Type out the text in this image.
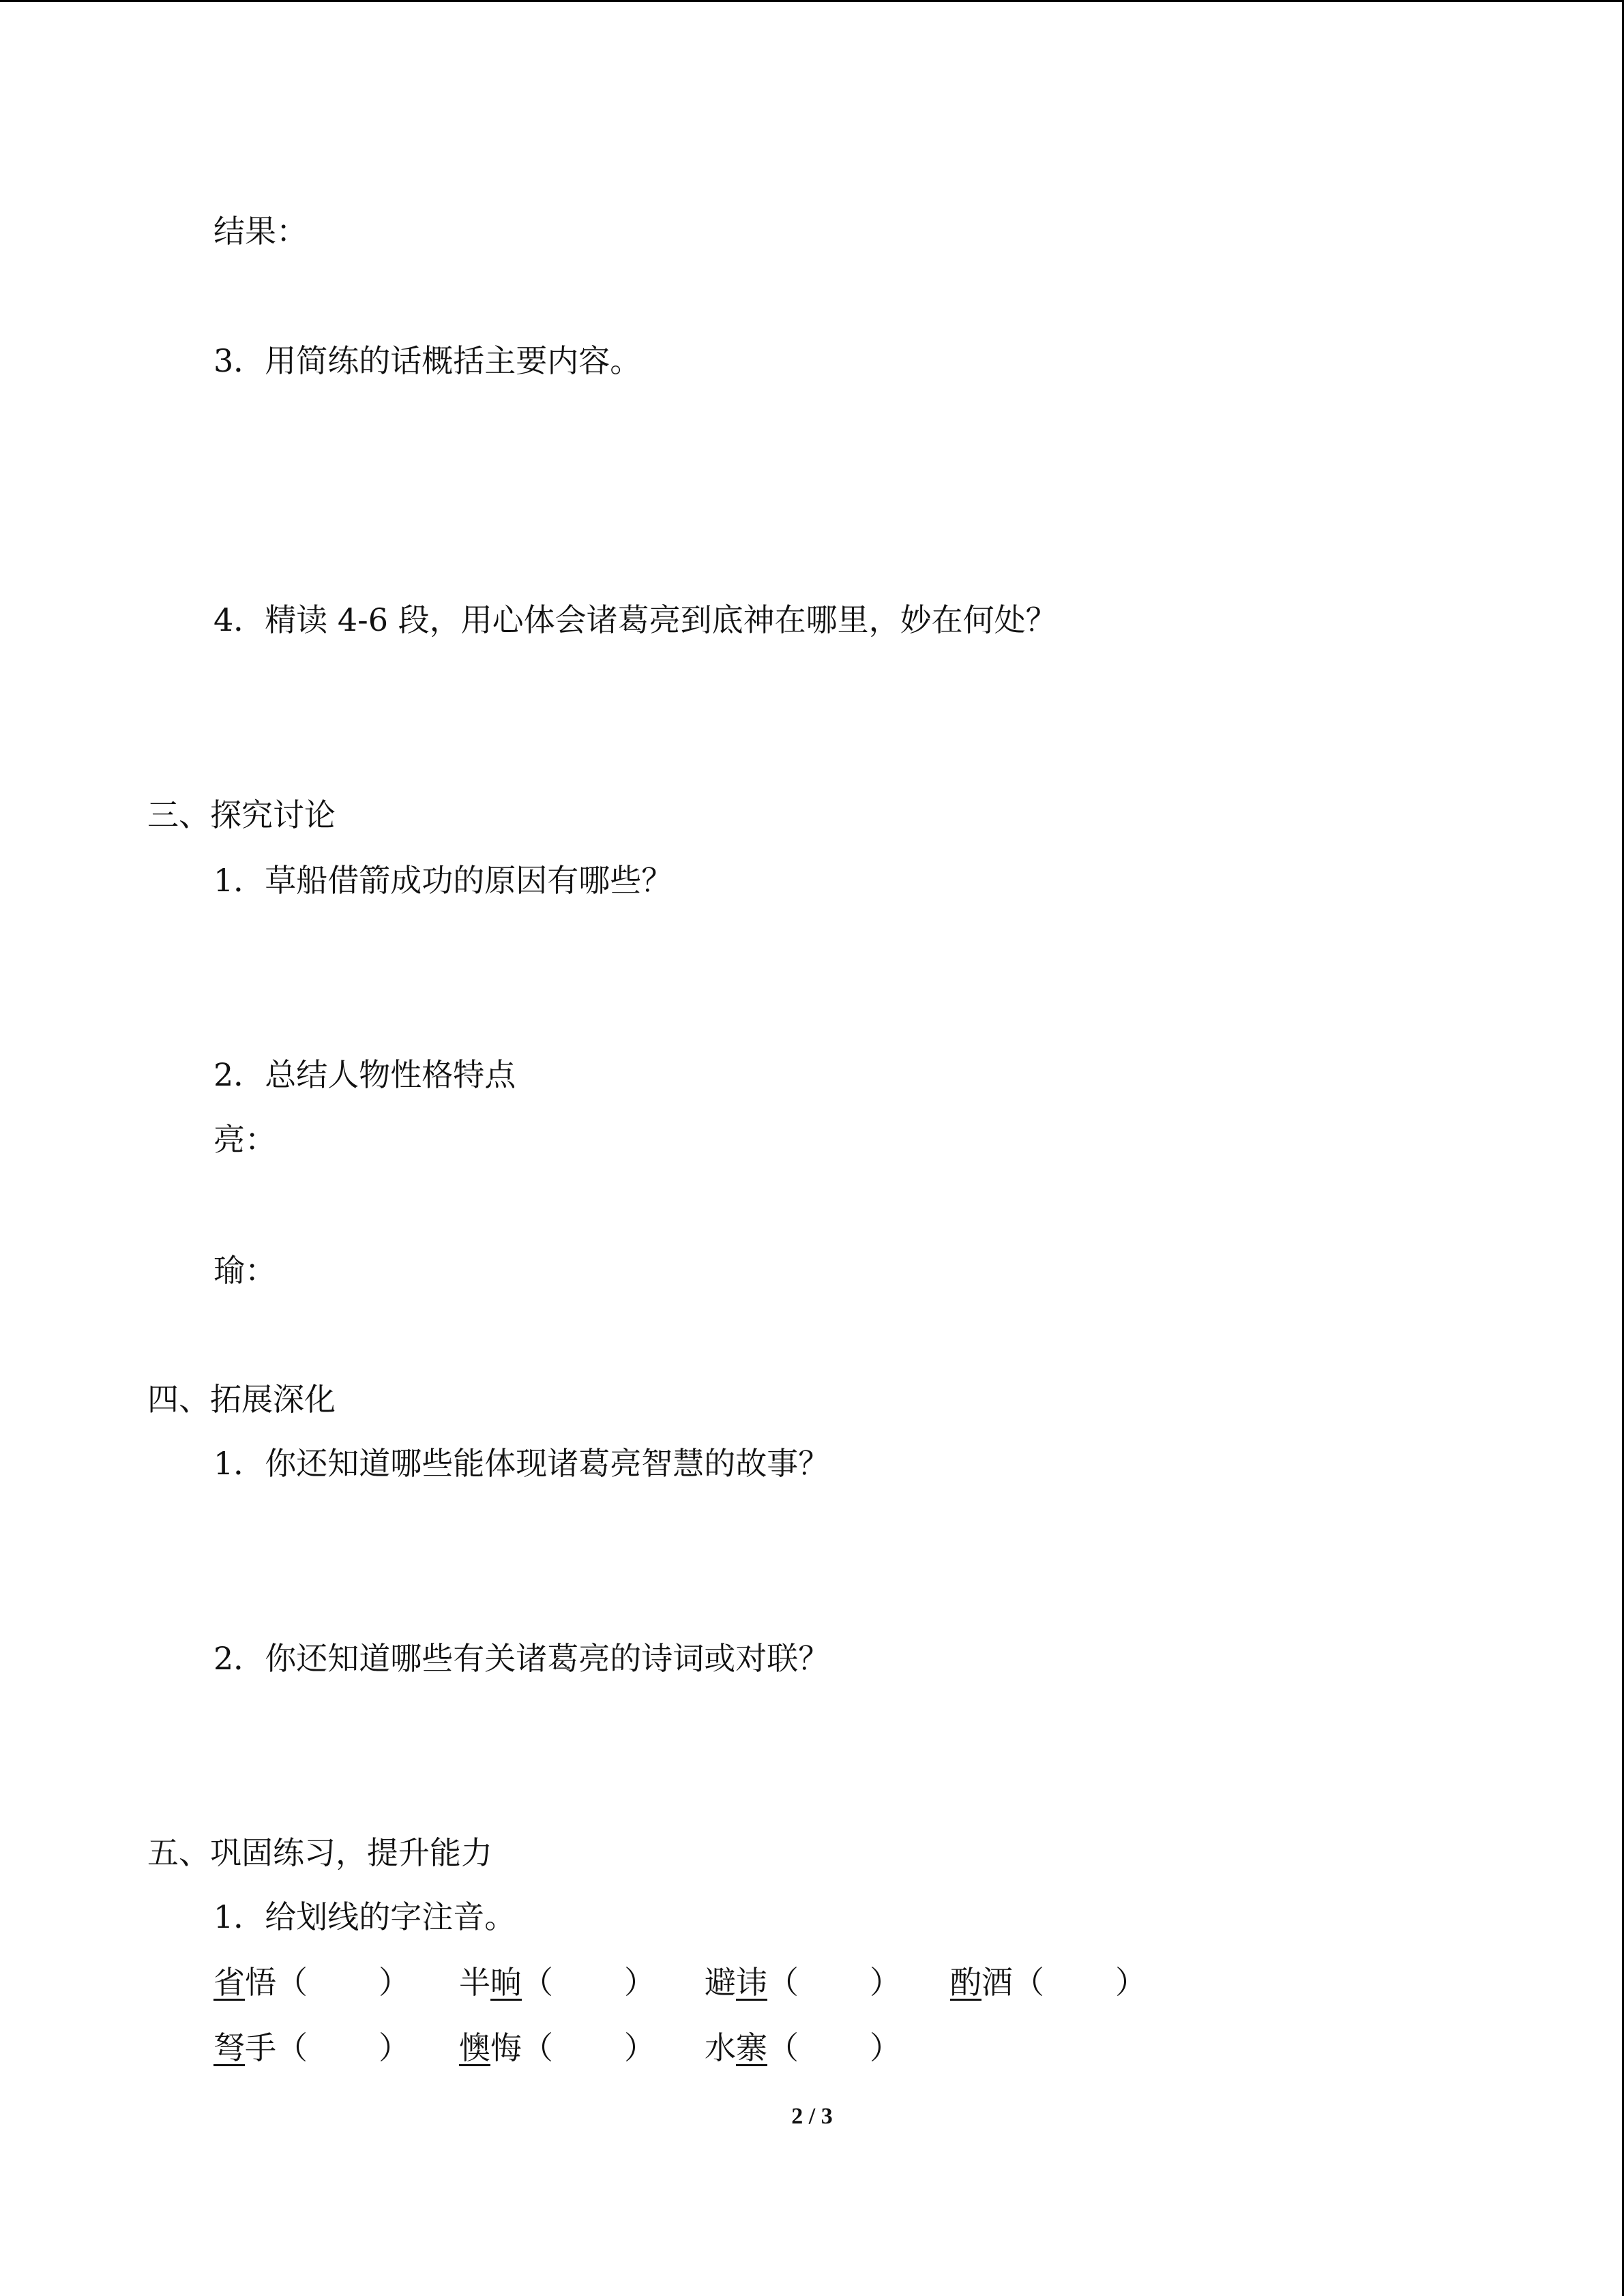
结果：
3．用简练的话概括主要内容。
4．精读 4-6 段，用心体会诸葛亮到底神在哪里，妙在何处？
三、探究讨论
1．草船借箭成功的原因有哪些？
2．总结人物性格特点
亮：
瑜：
四、拓展深化
1．你还知道哪些能体现诸葛亮智慧的故事？
2．你还知道哪些有关诸葛亮的诗词或对联？
五、巩固练习，提升能力
1．给划线的字注音。
省悟（ ） 半晌（ ） 避讳（ ） 酌酒（ ）
弩手（ ） 懊悔（ ） 水寨（ ）
2 / 3
